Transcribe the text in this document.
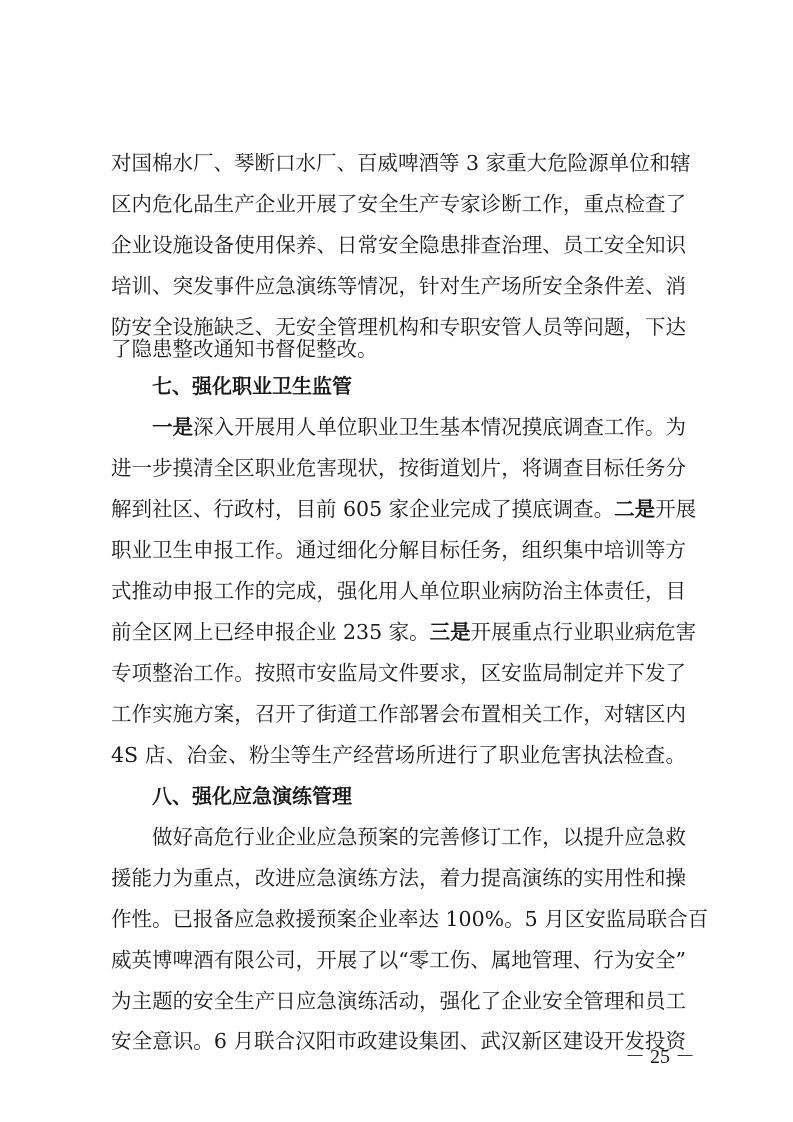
对国棉水厂、琴断口水厂、百威啤酒等 3 家重大危险源单位和辖
区内危化品生产企业开展了安全生产专家诊断工作，重点检查了
企业设施设备使用保养、日常安全隐患排查治理、员工安全知识
培训、突发事件应急演练等情况，针对生产场所安全条件差、消
防安全设施缺乏、无安全管理机构和专职安管人员等问题，下达
了隐患整改通知书督促整改。
七、强化职业卫生监管
一是深入开展用人单位职业卫生基本情况摸底调查工作。为
进一步摸清全区职业危害现状，按街道划片，将调查目标任务分
解到社区、行政村，目前 605 家企业完成了摸底调查。二是开展
职业卫生申报工作。通过细化分解目标任务，组织集中培训等方
式推动申报工作的完成，强化用人单位职业病防治主体责任，目
前全区网上已经申报企业 235 家。三是开展重点行业职业病危害
专项整治工作。按照市安监局文件要求，区安监局制定并下发了
工作实施方案，召开了街道工作部署会布置相关工作，对辖区内
4S 店、冶金、粉尘等生产经营场所进行了职业危害执法检查。
八、强化应急演练管理
做好高危行业企业应急预案的完善修订工作，以提升应急救
援能力为重点，改进应急演练方法，着力提高演练的实用性和操
作性。已报备应急救援预案企业率达 100%。5 月区安监局联合百
威英博啤酒有限公司，开展了以“零工伤、属地管理、行为安全”
为主题的安全生产日应急演练活动，强化了企业安全管理和员工
安全意识。6 月联合汉阳市政建设集团、武汉新区建设开发投资
－ 25 －
